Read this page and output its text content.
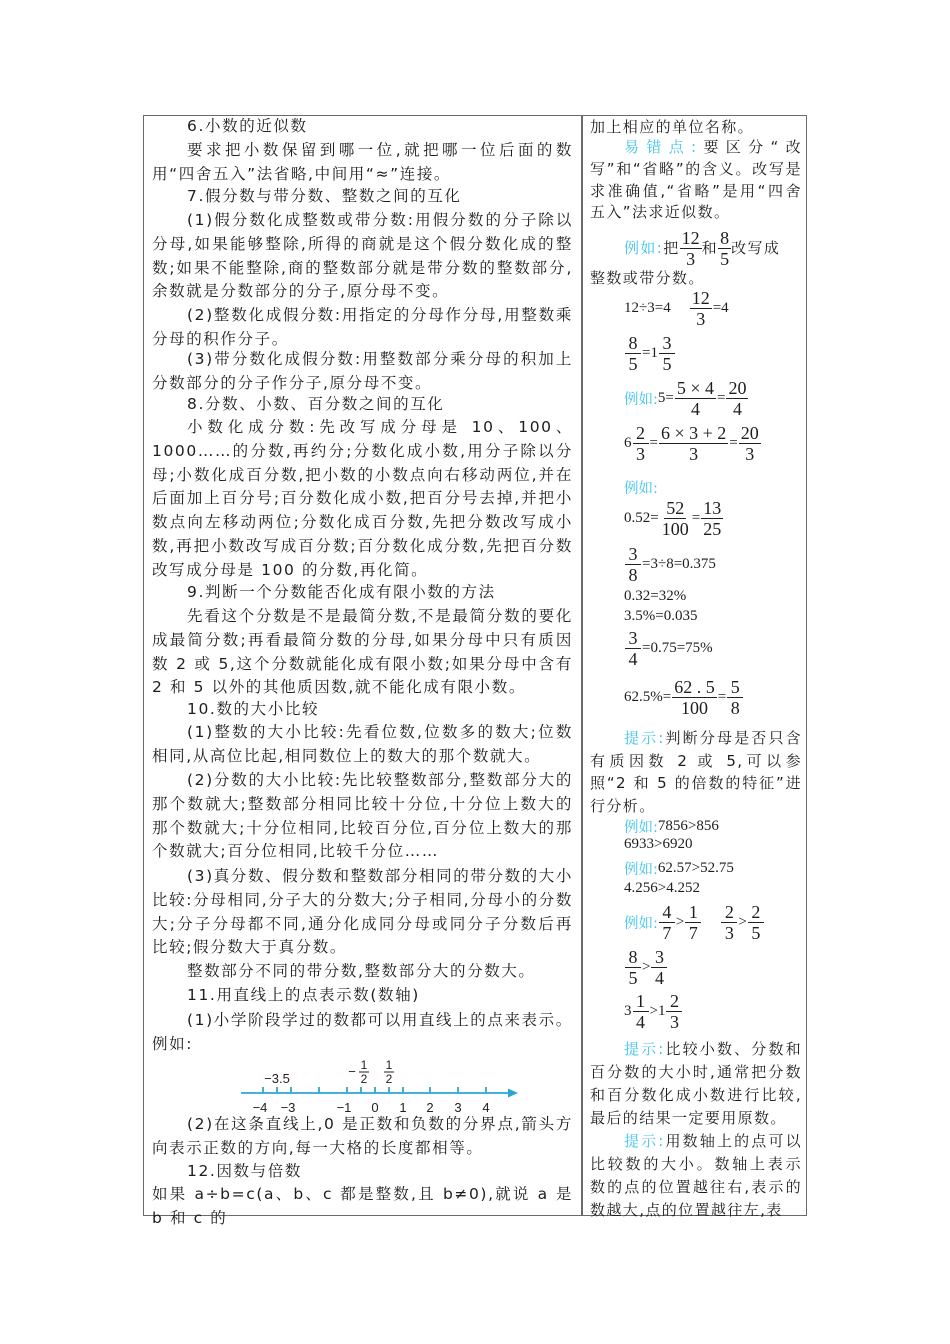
6.小数的近似数

要求把小数保留到哪一位,就把哪一位后面的数用“四舍五入”法省略,中间用“≈”连接。

7.假分数与带分数、整数之间的互化

(1)假分数化成整数或带分数:用假分数的分子除以分母,如果能够整除,所得的商就是这个假分数化成的整数;如果不能整除,商的整数部分就是带分数的整数部分,余数就是分数部分的分子,原分母不变。

(2)整数化成假分数:用指定的分母作分母,用整数乘分母的积作分子。

(3)带分数化成假分数:用整数部分乘分母的积加上分数部分的分子作分子,原分母不变。

8.分数、小数、百分数之间的互化

小数化成分数:先改写成分母是 10、100、1000……的分数,再约分;分数化成小数,用分子除以分母;小数化成百分数,把小数的小数点向右移动两位,并在后面加上百分号;百分数化成小数,把百分号去掉,并把小数点向左移动两位;分数化成百分数,先把分数改写成小数,再把小数改写成百分数;百分数化成分数,先把百分数改写成分母是 100 的分数,再化简。

9.判断一个分数能否化成有限小数的方法

先看这个分数是不是最简分数,不是最简分数的要化成最简分数;再看最简分数的分母,如果分母中只有质因数 2 或 5,这个分数就能化成有限小数;如果分母中含有 2 和 5 以外的其他质因数,就不能化成有限小数。

10.数的大小比较

(1)整数的大小比较:先看位数,位数多的数大;位数相同,从高位比起,相同数位上的数大的那个数就大。

(2)分数的大小比较:先比较整数部分,整数部分大的那个数就大;整数部分相同比较十分位,十分位上数大的那个数就大;十分位相同,比较百分位,百分位上数大的那个数就大;百分位相同,比较千分位……

(3)真分数、假分数和整数部分相同的带分数的大小比较:分母相同,分子大的分数大;分子相同,分母小的分数大;分子分母都不同,通分化成同分母或同分子分数后再比较;假分数大于真分数。

整数部分不同的带分数,整数部分大的分数大。

11.用直线上的点表示数(数轴)

(1)小学阶段学过的数都可以用直线上的点来表示。

例如:

−4 −3	−1 0 1 2 3 4
−3.5	− 1
2
1
2

(2)在这条直线上,0 是正数和负数的分界点,箭头方向表示正数的方向,每一大格的长度都相等。

12.因数与倍数

如果 a÷b=c(a、b、c 都是整数,且 b≠0),就说 a 是 b 和 c 的

加上相应的单位名称。

易错点:要区分“改写”和“省略”的含义。改写是求准确值,“省略”是用“四舍五入”法求近似数。

例如:把 $\frac{12}{3}$ 和 $\frac{8}{5}$ 改写成

整数或带分数。

$12\div 3=4 \frac{12}{3} =4$
$\frac{8}{5} =1 \frac{3}{5}$
例如: $5= \frac{5 \times 4}{4} = \frac{20}{4}$
$6 \frac{2}{3} = \frac{6 \times 3 + 2}{3} = \frac{20}{3}$
例如:
$0.52= \frac{52}{100} = \frac{13}{25}$
$\frac{3}{8} =3\div 8=0.375$
0.32=32%
3.5%=0.035
$\frac{3}{4} =0.75=75\%$
$62.5\%= \frac{62 . 5}{100} = \frac{5}{8}$

提示:判断分母是否只含有质因数 2 或 5,可以参照“2 和 5 的倍数的特征”进行分析。

例如: 7856>856
6933>6920
例如: 62.57>52.75
4.256>4.252
例如: $\frac{4}{7} > \frac{1}{7} \frac{2}{3} > \frac{2}{5}$
$\frac{8}{5} > \frac{3}{4}$
$3 \frac{1}{4} >1 \frac{2}{3}$

提示:比较小数、分数和百分数的大小时,通常把分数和百分数化成小数进行比较,最后的结果一定要用原数。

提示:用数轴上的点可以比较数的大小。数轴上表示数的点的位置越往右,表示的数越大,点的位置越往左,表
